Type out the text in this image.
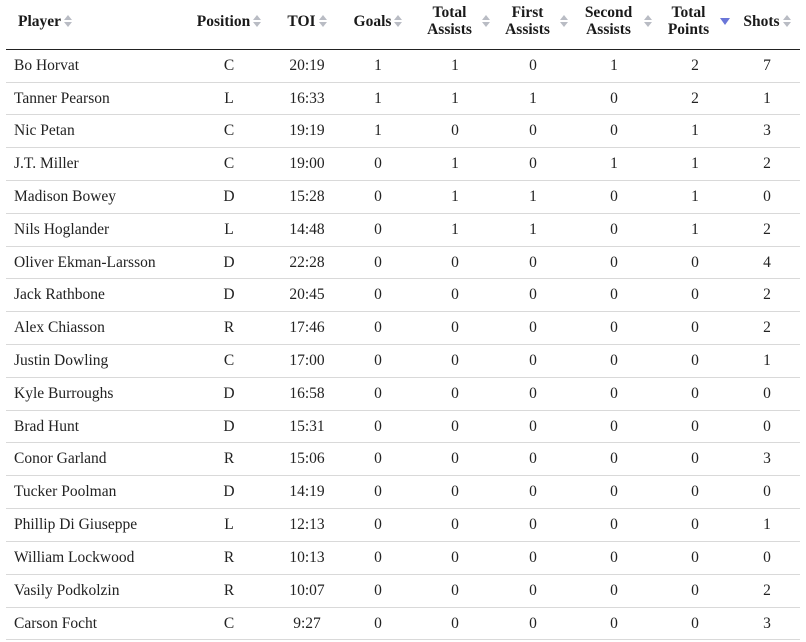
Player	Position	TOI	Goals	Total Assists	First Assists	Second Assists	Total Points	Shots

Bo Horvat	C	20:19	1	1	0	1	2	7
Tanner Pearson	L	16:33	1	1	1	0	2	1
Nic Petan	C	19:19	1	0	0	0	1	3
J.T. Miller	C	19:00	0	1	0	1	1	2
Madison Bowey	D	15:28	0	1	1	0	1	0
Nils Hoglander	L	14:48	0	1	1	0	1	2
Oliver Ekman-Larsson	D	22:28	0	0	0	0	0	4
Jack Rathbone	D	20:45	0	0	0	0	0	2
Alex Chiasson	R	17:46	0	0	0	0	0	2
Justin Dowling	C	17:00	0	0	0	0	0	1
Kyle Burroughs	D	16:58	0	0	0	0	0	0
Brad Hunt	D	15:31	0	0	0	0	0	0
Conor Garland	R	15:06	0	0	0	0	0	3
Tucker Poolman	D	14:19	0	0	0	0	0	0
Phillip Di Giuseppe	L	12:13	0	0	0	0	0	1
William Lockwood	R	10:13	0	0	0	0	0	0
Vasily Podkolzin	R	10:07	0	0	0	0	0	2
Carson Focht	C	9:27	0	0	0	0	0	3
